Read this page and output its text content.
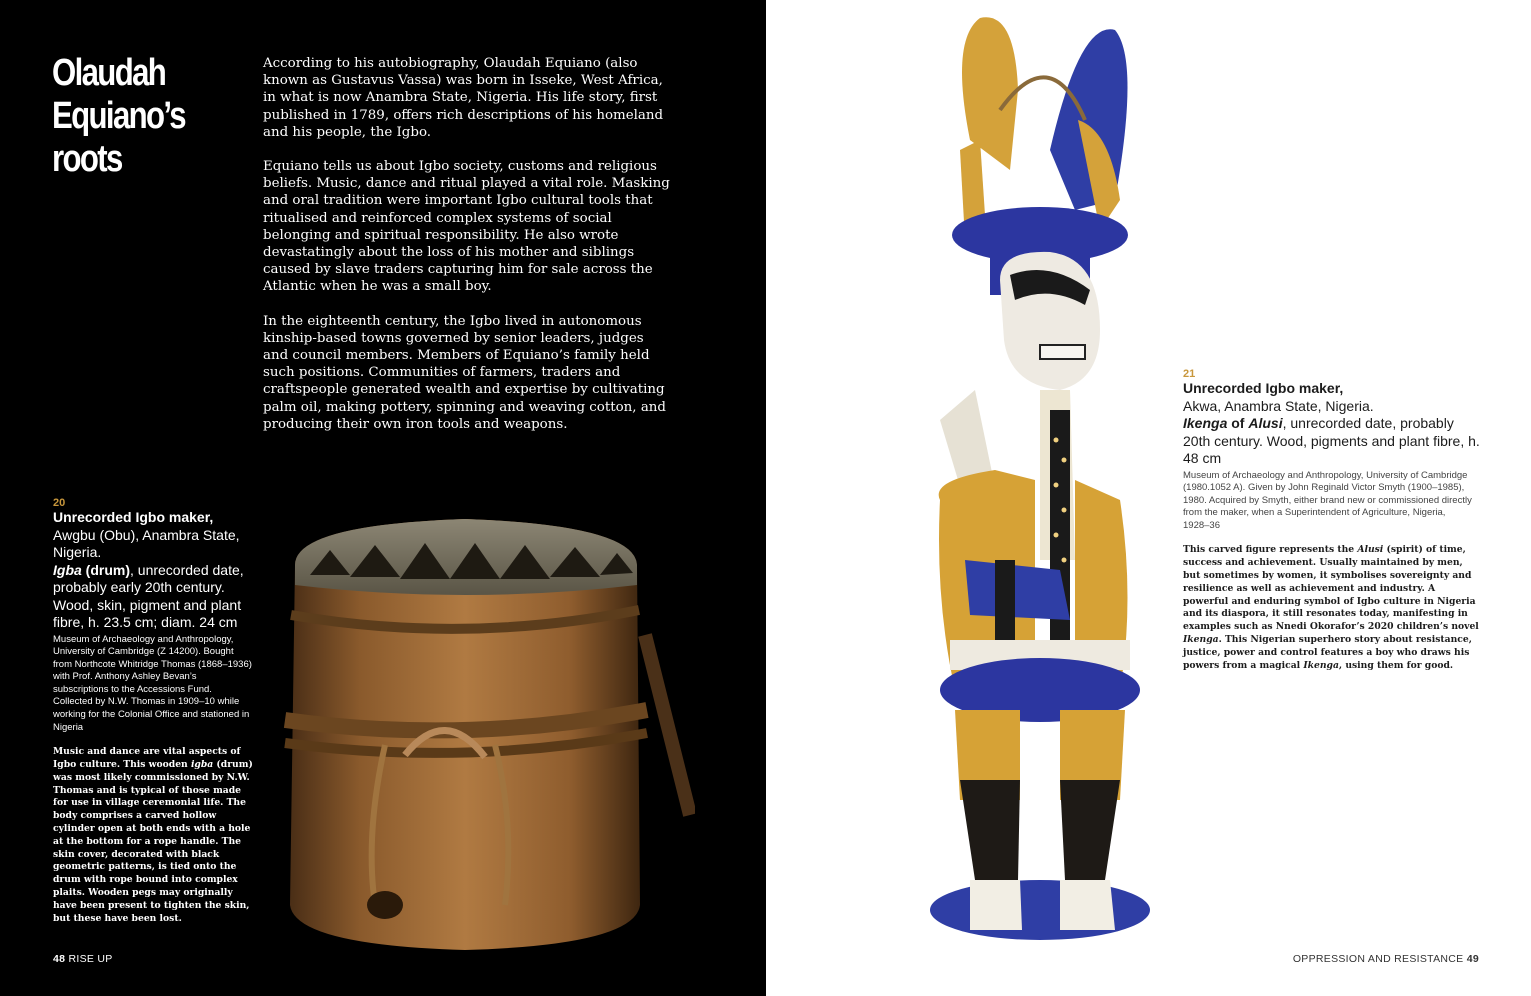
Olaudah
Equiano’s
roots

According to his autobiography, Olaudah Equiano (also known as Gustavus Vassa) was born in Isseke, West Africa, in what is now Anambra State, Nigeria. His life story, first published in 1789, offers rich descriptions of his homeland and his people, the Igbo.

Equiano tells us about Igbo society, customs and religious beliefs. Music, dance and ritual played a vital role. Masking and oral tradition were important Igbo cultural tools that ritualised and reinforced complex systems of social belonging and spiritual responsibility. He also wrote devastatingly about the loss of his mother and siblings caused by slave traders capturing him for sale across the Atlantic when he was a small boy.

In the eighteenth century, the Igbo lived in autonomous kinship-based towns governed by senior leaders, judges and council members. Members of Equiano’s family held such positions. Communities of farmers, traders and craftspeople generated wealth and expertise by cultivating palm oil, making pottery, spinning and weaving cotton, and producing their own iron tools and weapons.

20
Unrecorded Igbo maker,
Awgbu (Obu), Anambra State, Nigeria.
Igba (drum), unrecorded date, probably early 20th century. Wood, skin, pigment and plant fibre, h. 23.5 cm; diam. 24 cm
Museum of Archaeology and Anthropology, University of Cambridge (Z 14200). Bought from Northcote Whitridge Thomas (1868–1936) with Prof. Anthony Ashley Bevan’s subscriptions to the Accessions Fund. Collected by N.W. Thomas in 1909–10 while working for the Colonial Office and stationed in Nigeria
Music and dance are vital aspects of Igbo culture. This wooden igba (drum) was most likely commissioned by N.W. Thomas and is typical of those made for use in village ceremonial life. The body comprises a carved hollow cylinder open at both ends with a hole at the bottom for a rope handle. The skin cover, decorated with black geometric patterns, is tied onto the drum with rope bound into complex plaits. Wooden pegs may originally have been present to tighten the skin, but these have been lost.
48 RISE UP	OPPRESSION AND RESISTANCE 49
21
Unrecorded Igbo maker,
Akwa, Anambra State, Nigeria.
Ikenga of Alusi, unrecorded date, probably 20th century. Wood, pigments and plant fibre, h. 48 cm
Museum of Archaeology and Anthropology, University of Cambridge (1980.1052 A). Given by John Reginald Victor Smyth (1900–1985), 1980. Acquired by Smyth, either brand new or commissioned directly from the maker, when a Superintendent of Agriculture, Nigeria, 1928–36
This carved figure represents the Alusi (spirit) of time, success and achievement. Usually maintained by men, but sometimes by women, it symbolises sovereignty and resilience as well as achievement and industry. A powerful and enduring symbol of Igbo culture in Nigeria and its diaspora, it still resonates today, manifesting in examples such as Nnedi Okorafor’s 2020 children’s novel Ikenga. This Nigerian superhero story about resistance, justice, power and control features a boy who draws his powers from a magical Ikenga, using them for good.
